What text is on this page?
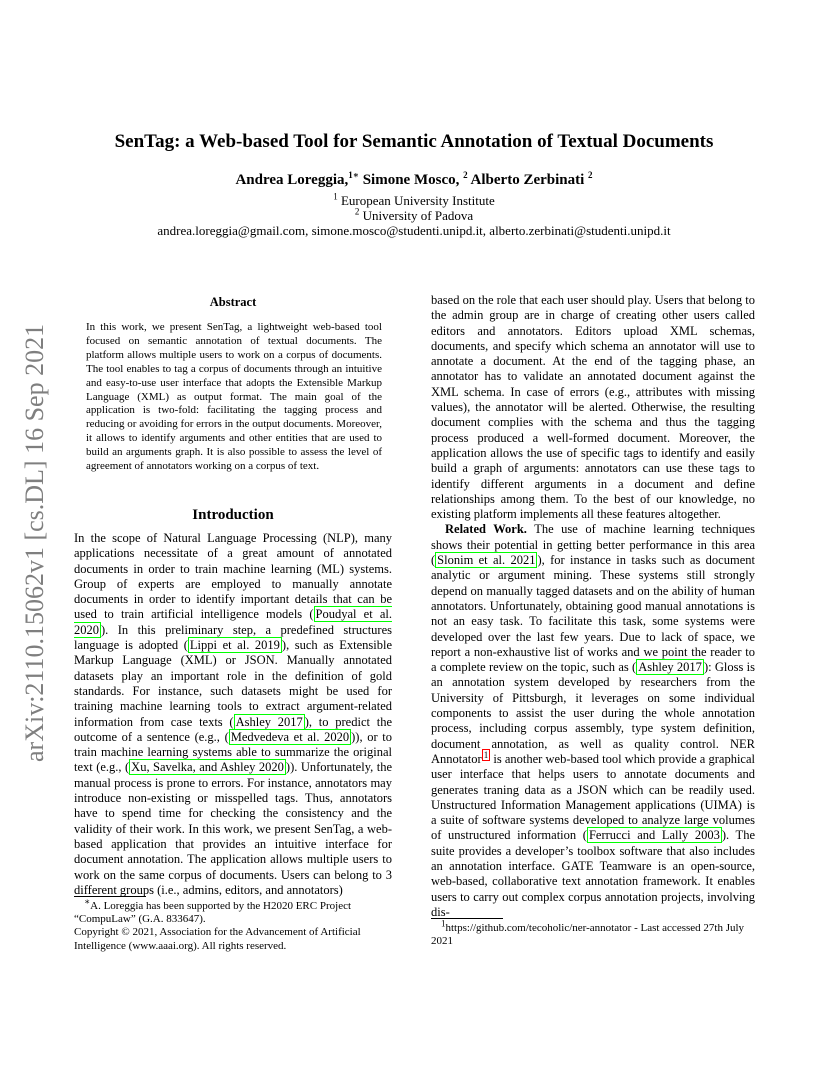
arXiv:2110.15062v1 [cs.DL] 16 Sep 2021
SenTag: a Web-based Tool for Semantic Annotation of Textual Documents
Andrea Loreggia,$^{1∗}$ Simone Mosco, $^2$ Alberto Zerbinati $^2$
$^1$ European University Institute
$^2$ University of Padova
andrea.loreggia@gmail.com, simone.mosco@studenti.unipd.it, alberto.zerbinati@studenti.unipd.it
Abstract
In this work, we present SenTag, a lightweight web-based tool focused on semantic annotation of textual documents. The platform allows multiple users to work on a corpus of documents. The tool enables to tag a corpus of documents through an intuitive and easy-to-use user interface that adopts the Extensible Markup Language (XML) as output format. The main goal of the application is two-fold: facilitating the tagging process and reducing or avoiding for errors in the output documents. Moreover, it allows to identify arguments and other entities that are used to build an arguments graph. It is also possible to assess the level of agreement of annotators working on a corpus of text.
Introduction

In the scope of Natural Language Processing (NLP), many applications necessitate of a great amount of annotated documents in order to train machine learning (ML) systems. Group of experts are employed to manually annotate documents in order to identify important details that can be used to train artificial intelligence models ( Poudyal et al. 2020 ). In this preliminary step, a predefined structures language is adopted ( Lippi et al. 2019 ), such as Extensible Markup Language (XML) or JSON. Manually annotated datasets play an important role in the definition of gold standards. For instance, such datasets might be used for training machine learning tools to extract argument-related information from case texts ( Ashley 2017 ), to predict the outcome of a sentence (e.g., ( Medvedeva et al. 2020 )), or to train machine learning systems able to summarize the original text (e.g., ( Xu, Savelka, and Ashley 2020 )). Unfortunately, the manual process is prone to errors. For instance, annotators may introduce non-existing or misspelled tags. Thus, annotators have to spend time for checking the consistency and the validity of their work. In this work, we present SenTag, a web-based application that provides an intuitive interface for document annotation. The application allows multiple users to work on the same corpus of documents. Users can belong to 3 different groups (i.e., admins, editors, and annotators)

based on the role that each user should play. Users that belong to the admin group are in charge of creating other users called editors and annotators. Editors upload XML schemas, documents, and specify which schema an annotator will use to annotate a document. At the end of the tagging phase, an annotator has to validate an annotated document against the XML schema. In case of errors (e.g., attributes with missing values), the annotator will be alerted. Otherwise, the resulting document complies with the schema and thus the tagging process produced a well-formed document. Moreover, the application allows the use of specific tags to identify and easily build a graph of arguments: annotators can use these tags to identify different arguments in a document and define relationships among them. To the best of our knowledge, no existing platform implements all these features altogether.

Related Work. The use of machine learning techniques shows their potential in getting better performance in this area ( Slonim et al. 2021 ), for instance in tasks such as document analytic or argument mining. These systems still strongly depend on manually tagged datasets and on the ability of human annotators. Unfortunately, obtaining good manual annotations is not an easy task. To facilitate this task, some systems were developed over the last few years. Due to lack of space, we report a non-exhaustive list of works and we point the reader to a complete review on the topic, such as ( Ashley 2017 ): Gloss is an annotation system developed by researchers from the University of Pittsburgh, it leverages on some individual components to assist the user during the whole annotation process, including corpus assembly, type system definition, document annotation, as well as quality control. NER Annotator $^1$ is another web-based tool which provide a graphical user interface that helps users to annotate documents and generates traning data as a JSON which can be readily used. Unstructured Information Management applications (UIMA) is a suite of software systems developed to analyze large volumes of unstructured information ( Ferrucci and Lally 2003 ). The suite provides a developer’s toolbox software that also includes an annotation interface. GATE Teamware is an open-source, web-based, collaborative text annotation framework. It enables users to carry out complex corpus annotation projects, involving dis-

∗A. Loreggia has been supported by the H2020 ERC Project “CompuLaw” (G.A. 833647).

Copyright © 2021, Association for the Advancement of Artificial Intelligence (www.aaai.org). All rights reserved.

$^1$https://github.com/tecoholic/ner-annotator - Last accessed 27th July 2021
